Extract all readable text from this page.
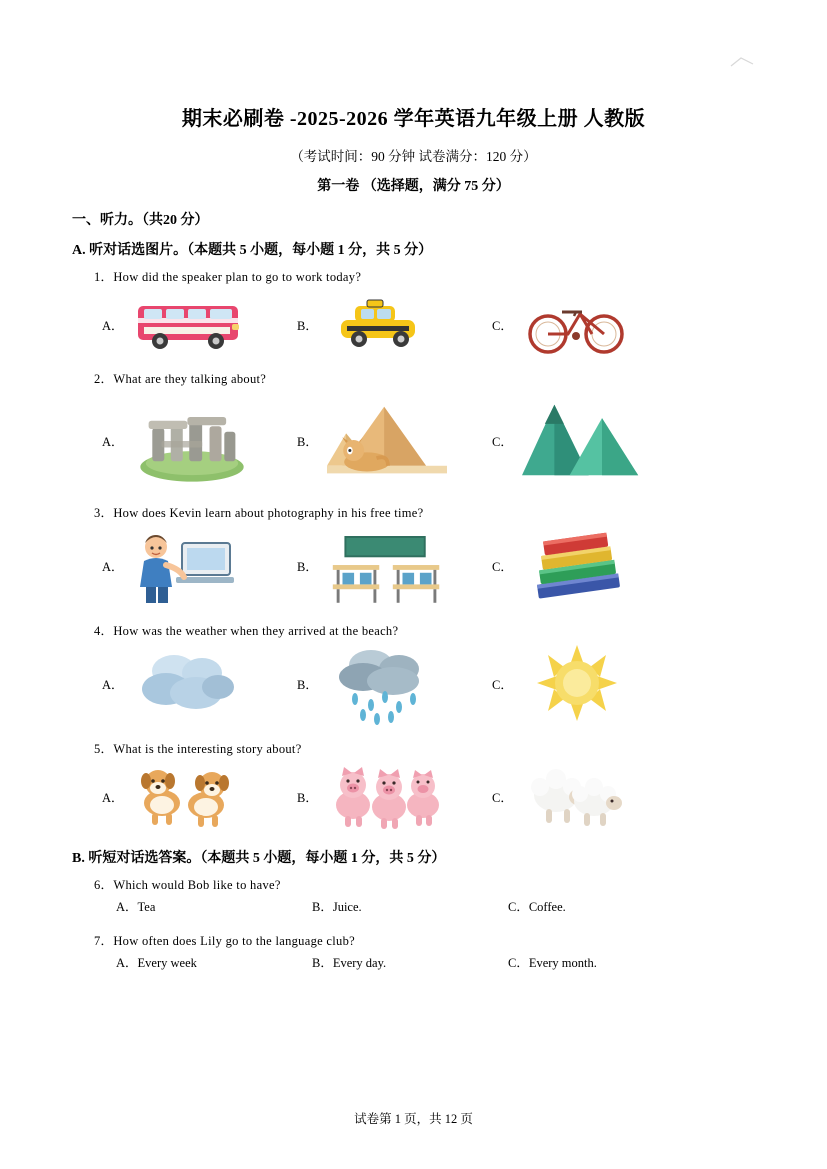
期末必刷卷 -2025-2026 学年英语九年级上册 人教版
（考试时间：90 分钟 试卷满分：120 分）
第一卷 （选择题，满分 75 分）
一、听力。（共20 分）
A. 听对话选图片。（本题共 5 小题，每小题 1 分，共 5 分）
1．How did the speaker plan to go to work today?
A．	B．	C．
2．What are they talking about?
A．	B．	C．
3．How does Kevin learn about photography in his free time?
A．	B．	C．
4．How was the weather when they arrived at the beach?
A．	B．	C．
5．What is the interesting story about?
A．	B．	C．
B. 听短对话选答案。（本题共 5 小题，每小题 1 分，共 5 分）
6．Which would Bob like to have?
A．Tea	B．Juice.	C．Coffee.
7．How often does Lily go to the language club?
A．Every week	B．Every day.	C．Every month.
试卷第 1 页，共 12 页
